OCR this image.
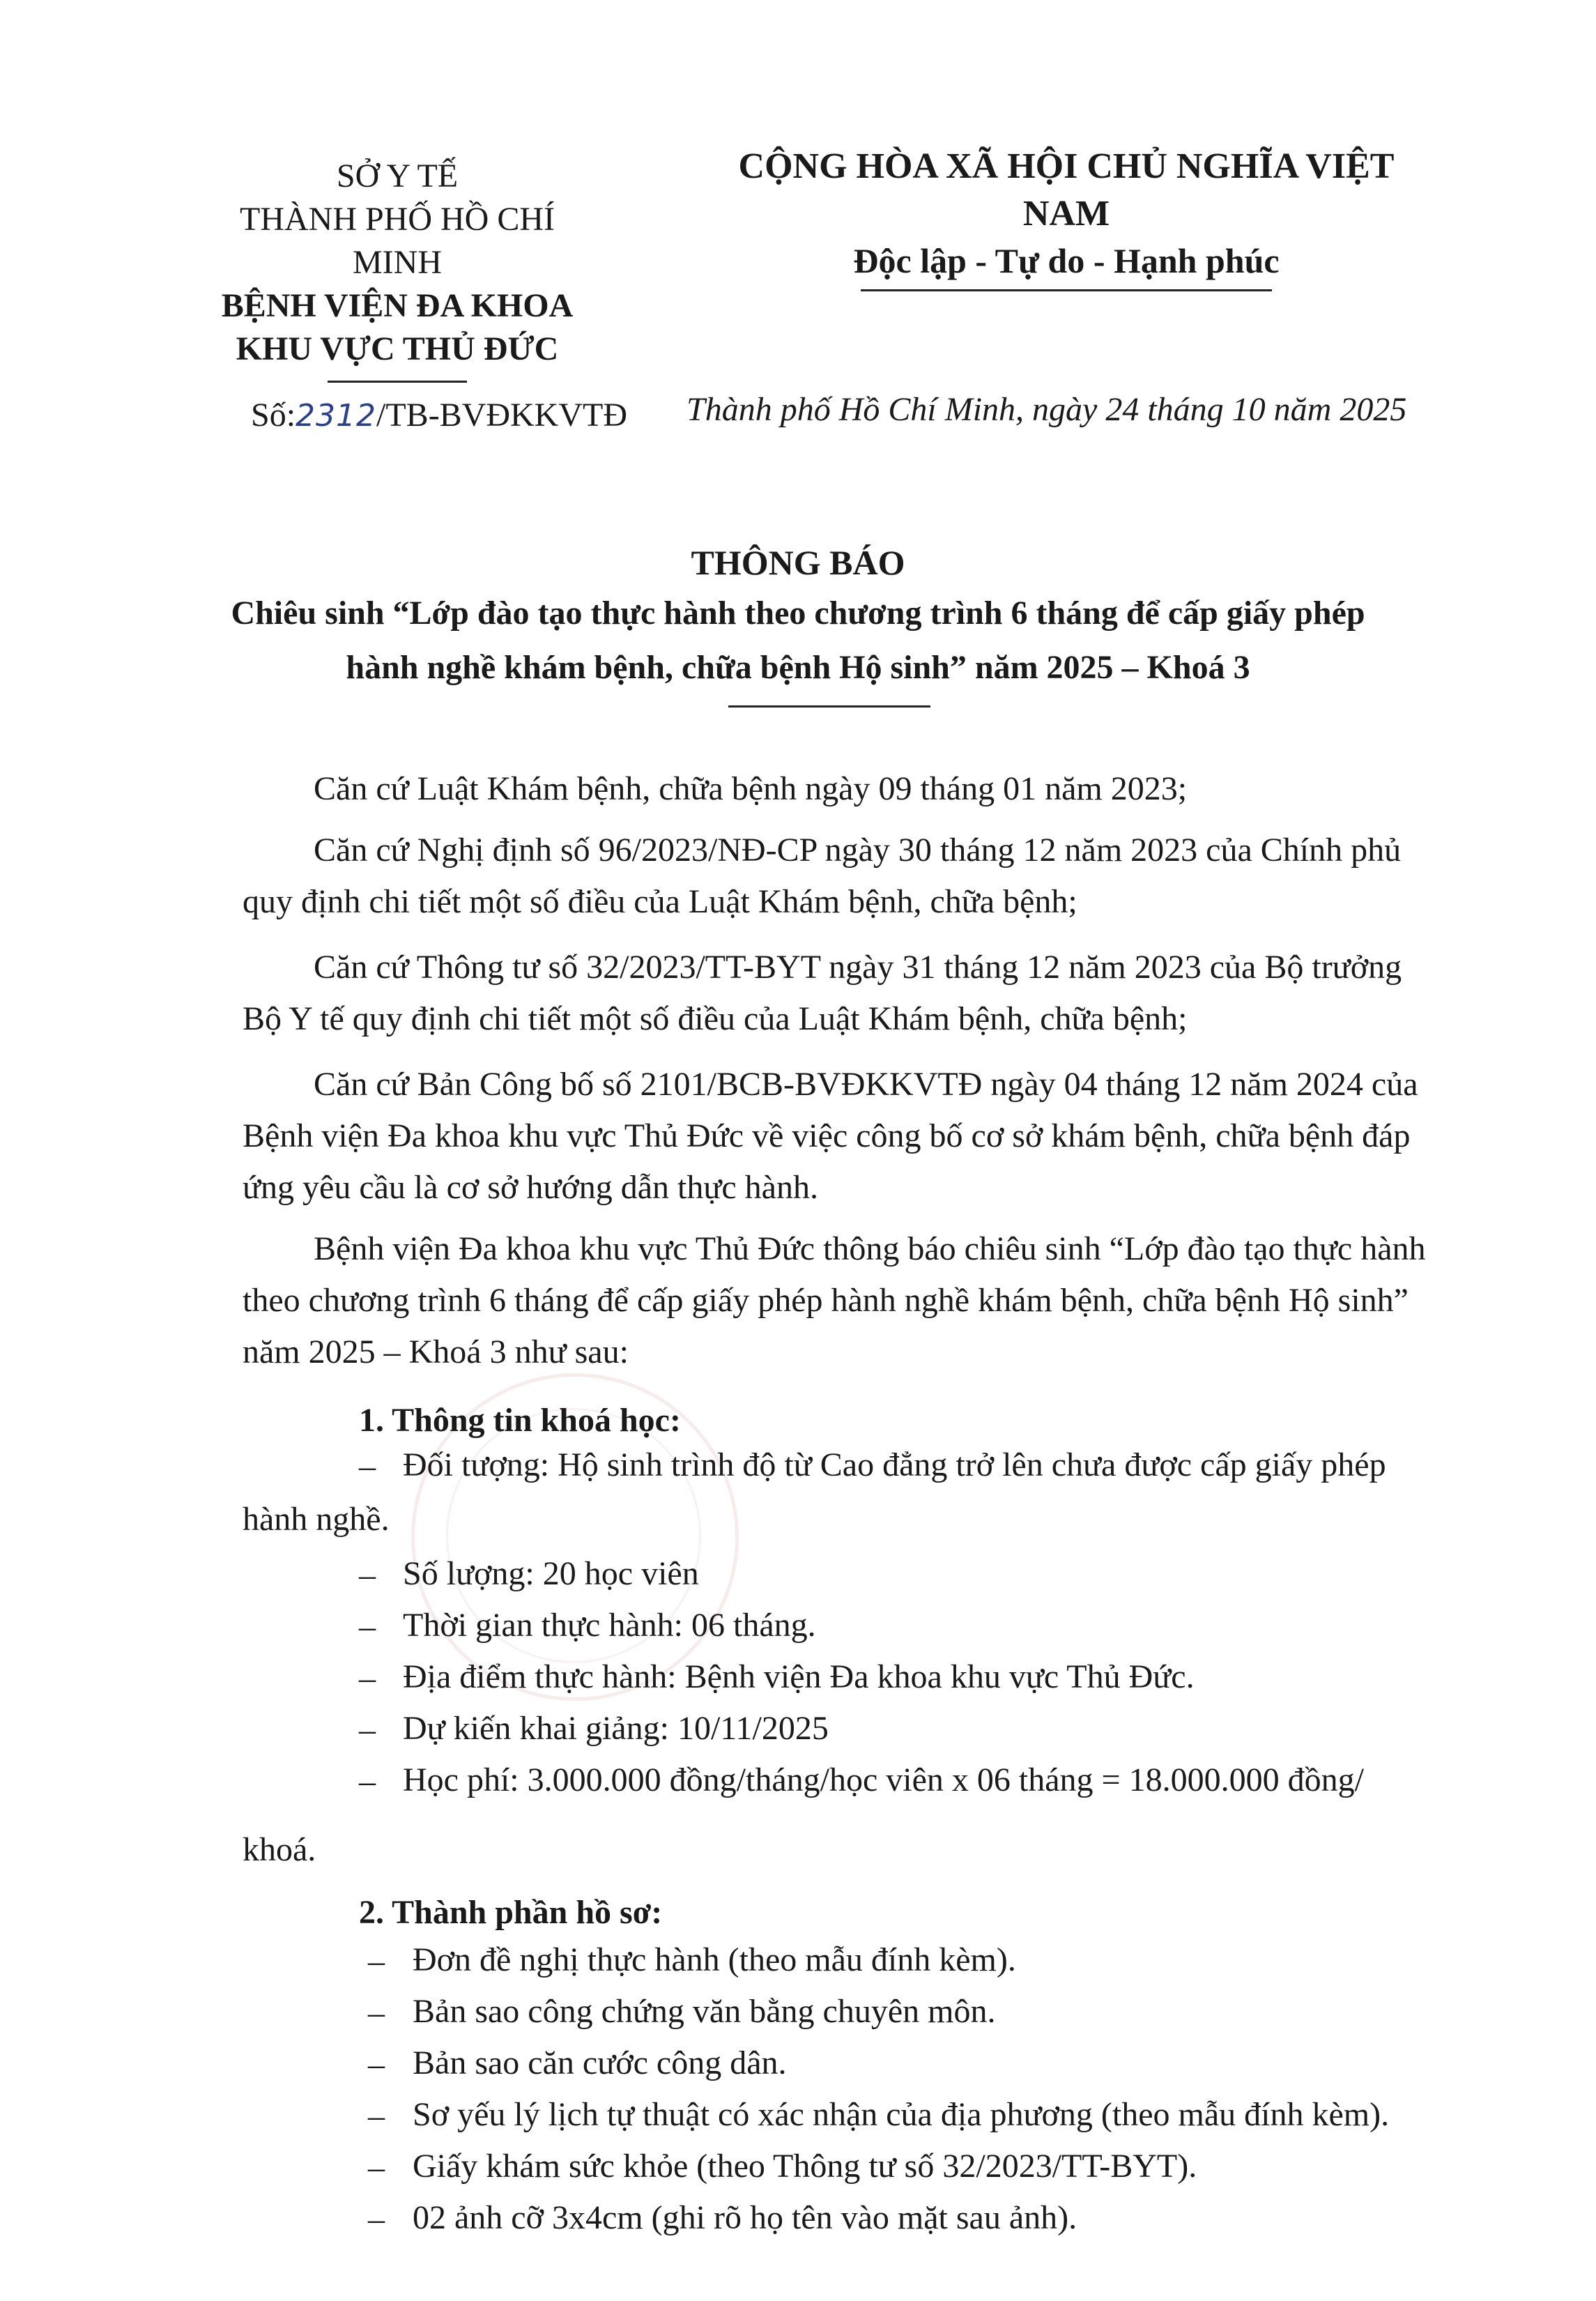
SỞ Y TẾ
THÀNH PHỐ HỒ CHÍ MINH
BỆNH VIỆN ĐA KHOA
KHU VỰC THỦ ĐỨC
CỘNG HÒA XÃ HỘI CHỦ NGHĨA VIỆT NAM
Độc lập - Tự do - Hạnh phúc
Số:2312/TB-BVĐKKVTĐ Thành phố Hồ Chí Minh, ngày 24 tháng 10 năm 2025
THÔNG BÁO
Chiêu sinh “Lớp đào tạo thực hành theo chương trình 6 tháng để cấp giấy phép
hành nghề khám bệnh, chữa bệnh Hộ sinh” năm 2025 – Khoá 3
Căn cứ Luật Khám bệnh, chữa bệnh ngày 09 tháng 01 năm 2023;
Căn cứ Nghị định số 96/2023/NĐ-CP ngày 30 tháng 12 năm 2023 của Chính phủ
quy định chi tiết một số điều của Luật Khám bệnh, chữa bệnh;
Căn cứ Thông tư số 32/2023/TT-BYT ngày 31 tháng 12 năm 2023 của Bộ trưởng
Bộ Y tế quy định chi tiết một số điều của Luật Khám bệnh, chữa bệnh;
Căn cứ Bản Công bố số 2101/BCB-BVĐKKVTĐ ngày 04 tháng 12 năm 2024 của
Bệnh viện Đa khoa khu vực Thủ Đức về việc công bố cơ sở khám bệnh, chữa bệnh đáp
ứng yêu cầu là cơ sở hướng dẫn thực hành.
Bệnh viện Đa khoa khu vực Thủ Đức thông báo chiêu sinh “Lớp đào tạo thực hành
theo chương trình 6 tháng để cấp giấy phép hành nghề khám bệnh, chữa bệnh Hộ sinh”
năm 2025 – Khoá 3 như sau:
1. Thông tin khoá học:
– Đối tượng: Hộ sinh trình độ từ Cao đẳng trở lên chưa được cấp giấy phép
hành nghề.
– Số lượng: 20 học viên
– Thời gian thực hành: 06 tháng.
– Địa điểm thực hành: Bệnh viện Đa khoa khu vực Thủ Đức.
– Dự kiến khai giảng: 10/11/2025
– Học phí: 3.000.000 đồng/tháng/học viên x 06 tháng = 18.000.000 đồng/
khoá.
2. Thành phần hồ sơ:
– Đơn đề nghị thực hành (theo mẫu đính kèm).
– Bản sao công chứng văn bằng chuyên môn.
– Bản sao căn cước công dân.
– Sơ yếu lý lịch tự thuật có xác nhận của địa phương (theo mẫu đính kèm).
– Giấy khám sức khỏe (theo Thông tư số 32/2023/TT-BYT).
– 02 ảnh cỡ 3x4cm (ghi rõ họ tên vào mặt sau ảnh).
